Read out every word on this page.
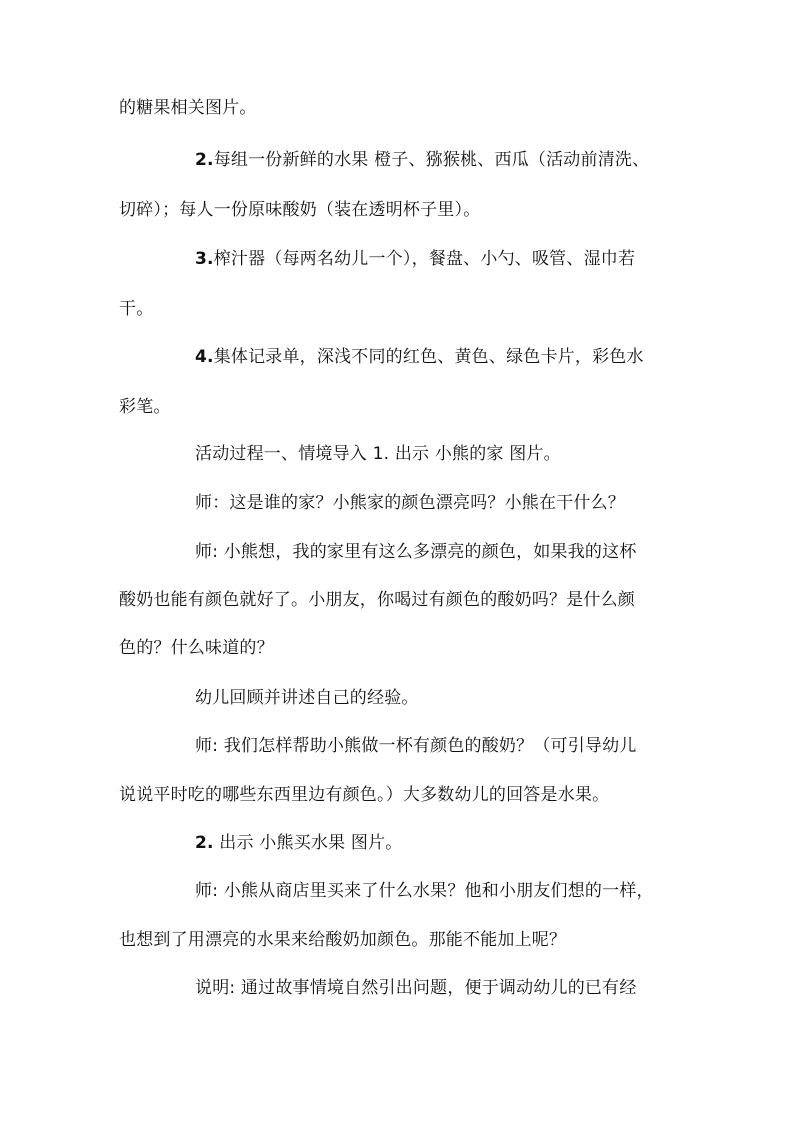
的糖果相关图片。
2.每组一份新鲜的水果 橙子、猕猴桃、西瓜（活动前清洗、
切碎）；每人一份原味酸奶（装在透明杯子里）。
3.榨汁器（每两名幼儿一个），餐盘、小勺、吸管、湿巾若
干。
4.集体记录单，深浅不同的红色、黄色、绿色卡片，彩色水
彩笔。
活动过程一、情境导入 1. 出示 小熊的家 图片。
师：这是谁的家？小熊家的颜色漂亮吗？小熊在干什么？
师: 小熊想，我的家里有这么多漂亮的颜色，如果我的这杯
酸奶也能有颜色就好了。小朋友，你喝过有颜色的酸奶吗？是什么颜
色的？什么味道的？
幼儿回顾并讲述自己的经验。
师: 我们怎样帮助小熊做一杯有颜色的酸奶？（可引导幼儿
说说平时吃的哪些东西里边有颜色。）大多数幼儿的回答是水果。
2. 出示 小熊买水果 图片。
师: 小熊从商店里买来了什么水果？他和小朋友们想的一样，
也想到了用漂亮的水果来给酸奶加颜色。那能不能加上呢？
说明: 通过故事情境自然引出问题，便于调动幼儿的已有经
